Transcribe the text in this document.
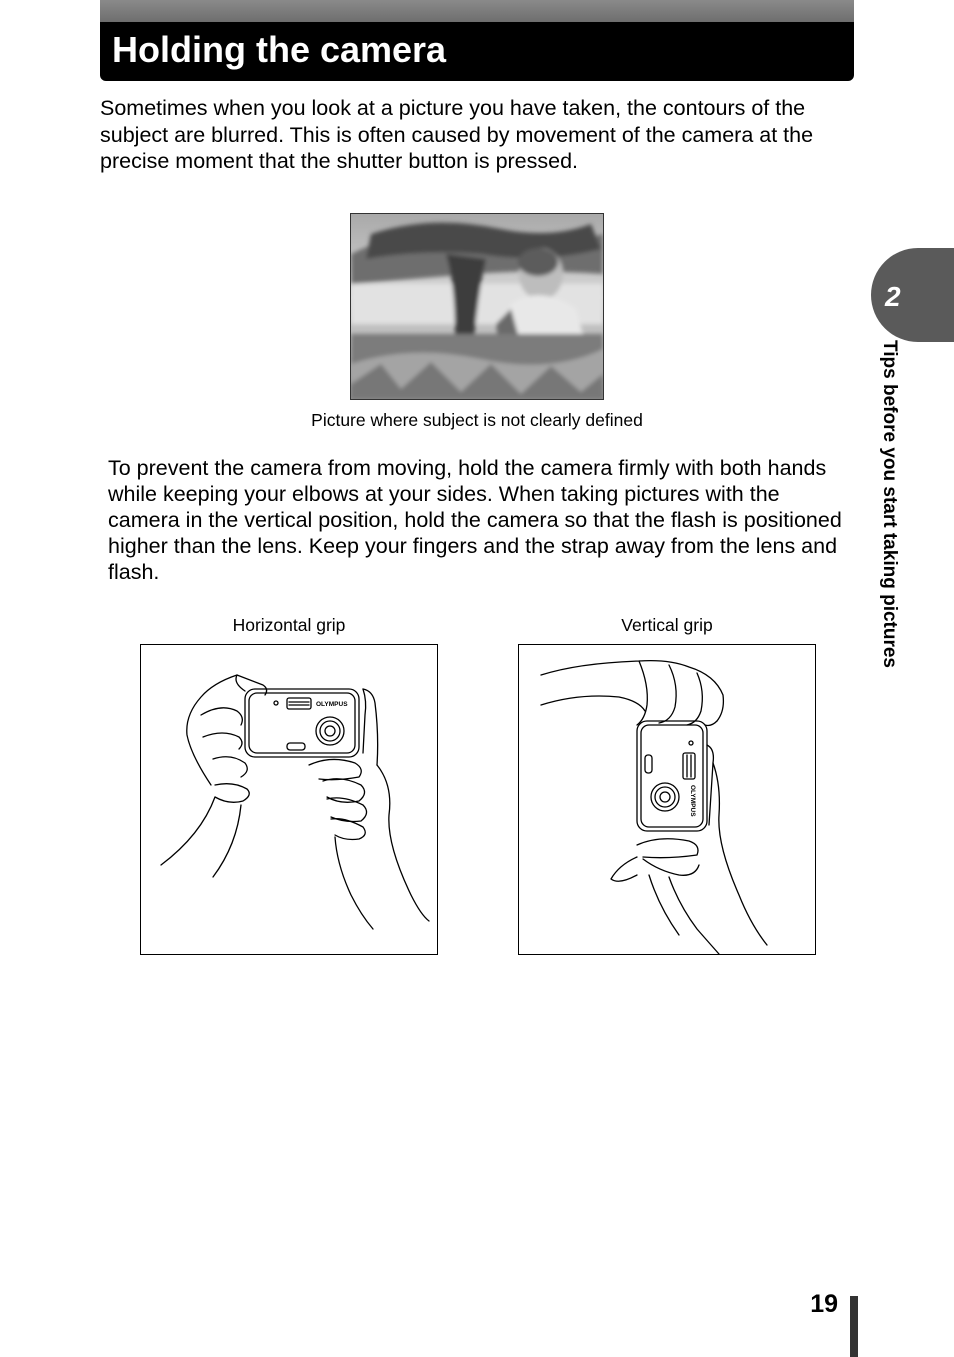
Holding the camera

Sometimes when you look at a picture you have taken, the contours of the subject are blurred. This is often caused by movement of the camera at the precise moment that the shutter button is pressed.

Picture where subject is not clearly defined

To prevent the camera from moving, hold the camera firmly with both hands while keeping your elbows at your sides. When taking pictures with the camera in the vertical position, hold the camera so that the flash is positioned higher than the lens. Keep your fingers and the strap away from the lens and flash.

Horizontal grip
OLYMPUS
Vertical grip
OLYMPUS
2
Tips before you start taking pictures
19
